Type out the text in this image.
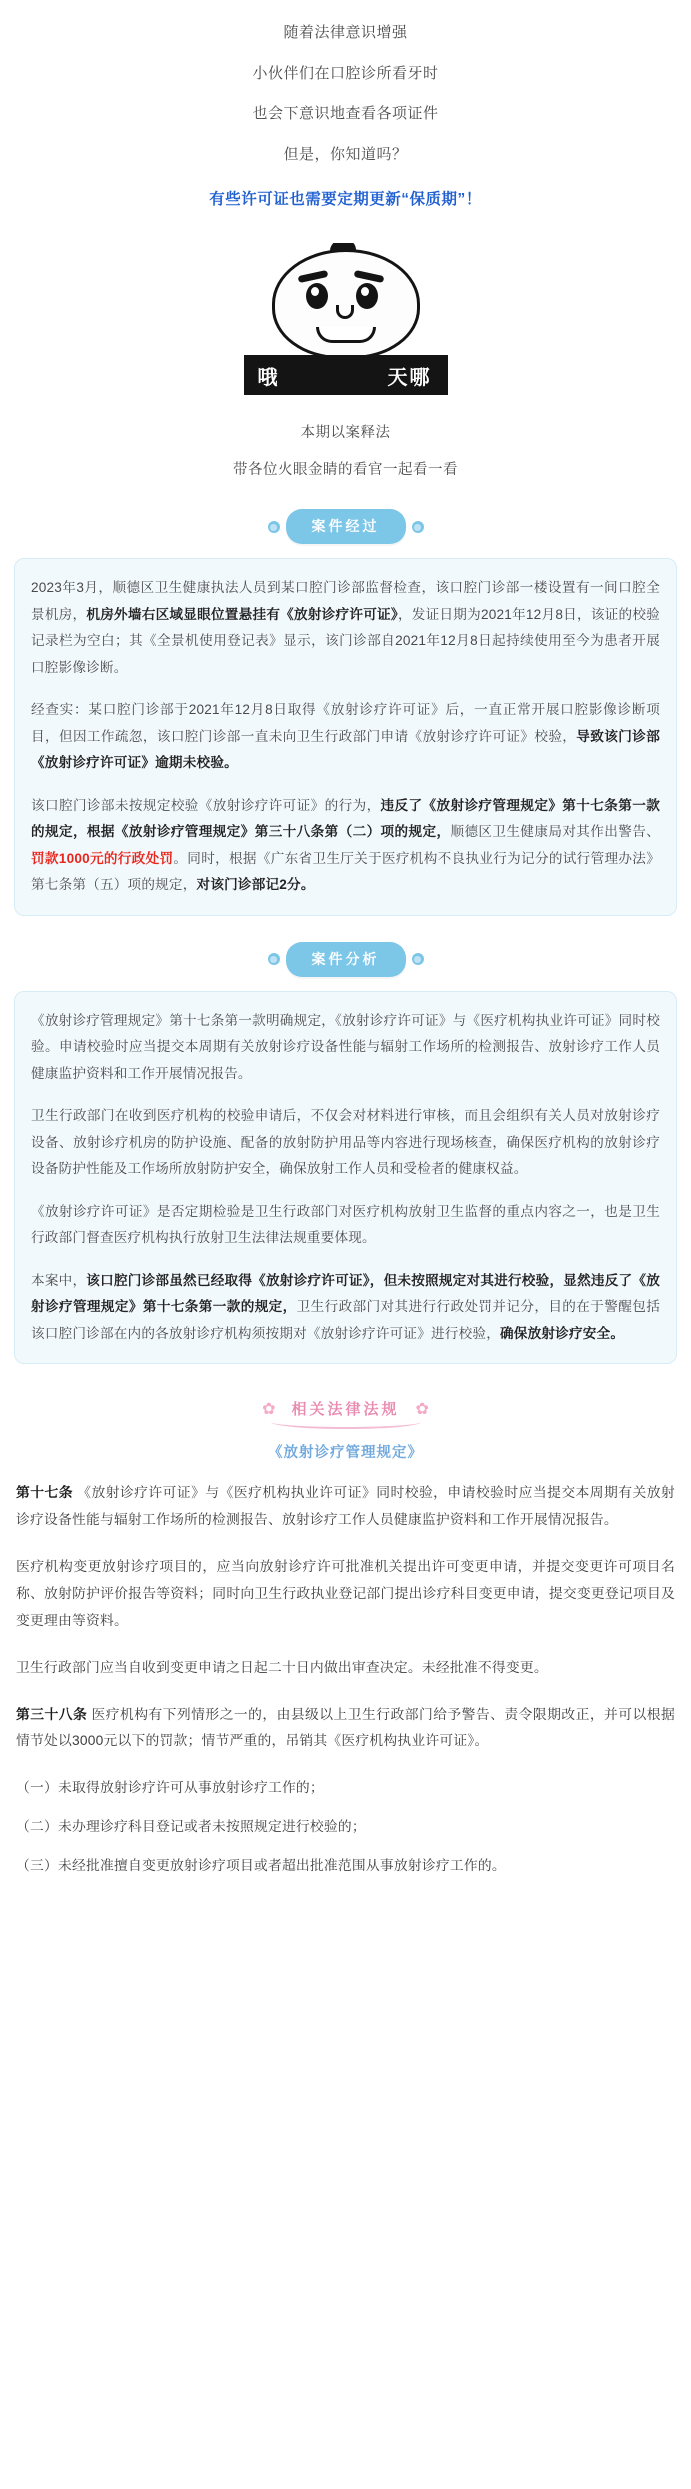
随着法律意识增强

小伙伴们在口腔诊所看牙时

也会下意识地查看各项证件

但是，你知道吗？

有些许可证也需要定期更新“保质期”！

哦	天哪

本期以案释法

带各位火眼金睛的看官一起看一看

案件经过

2023年3月，顺德区卫生健康执法人员到某口腔门诊部监督检查，该口腔门诊部一楼设置有一间口腔全景机房，机房外墙右区域显眼位置悬挂有《放射诊疗许可证》，发证日期为2021年12月8日，该证的校验记录栏为空白；其《全景机使用登记表》显示，该门诊部自2021年12月8日起持续使用至今为患者开展口腔影像诊断。

经查实：某口腔门诊部于2021年12月8日取得《放射诊疗许可证》后，一直正常开展口腔影像诊断项目，但因工作疏忽，该口腔门诊部一直未向卫生行政部门申请《放射诊疗许可证》校验，导致该门诊部《放射诊疗许可证》逾期未校验。

该口腔门诊部未按规定校验《放射诊疗许可证》的行为，违反了《放射诊疗管理规定》第十七条第一款的规定，根据《放射诊疗管理规定》第三十八条第（二）项的规定，顺德区卫生健康局对其作出警告、罚款1000元的行政处罚。同时，根据《广东省卫生厅关于医疗机构不良执业行为记分的试行管理办法》第七条第（五）项的规定，对该门诊部记2分。

案件分析

《放射诊疗管理规定》第十七条第一款明确规定，《放射诊疗许可证》与《医疗机构执业许可证》同时校验。申请校验时应当提交本周期有关放射诊疗设备性能与辐射工作场所的检测报告、放射诊疗工作人员健康监护资料和工作开展情况报告。

卫生行政部门在收到医疗机构的校验申请后，不仅会对材料进行审核，而且会组织有关人员对放射诊疗设备、放射诊疗机房的防护设施、配备的放射防护用品等内容进行现场核查，确保医疗机构的放射诊疗设备防护性能及工作场所放射防护安全，确保放射工作人员和受检者的健康权益。

《放射诊疗许可证》是否定期检验是卫生行政部门对医疗机构放射卫生监督的重点内容之一，也是卫生行政部门督查医疗机构执行放射卫生法律法规重要体现。

本案中，该口腔门诊部虽然已经取得《放射诊疗许可证》，但未按照规定对其进行校验，显然违反了《放射诊疗管理规定》第十七条第一款的规定，卫生行政部门对其进行行政处罚并记分，目的在于警醒包括该口腔门诊部在内的各放射诊疗机构须按期对《放射诊疗许可证》进行校验，确保放射诊疗安全。

✿	相关法律法规	✿
《放射诊疗管理规定》

第十七条 《放射诊疗许可证》与《医疗机构执业许可证》同时校验，申请校验时应当提交本周期有关放射诊疗设备性能与辐射工作场所的检测报告、放射诊疗工作人员健康监护资料和工作开展情况报告。

医疗机构变更放射诊疗项目的，应当向放射诊疗许可批准机关提出许可变更申请，并提交变更许可项目名称、放射防护评价报告等资料；同时向卫生行政执业登记部门提出诊疗科目变更申请，提交变更登记项目及变更理由等资料。

卫生行政部门应当自收到变更申请之日起二十日内做出审查决定。未经批准不得变更。

第三十八条 医疗机构有下列情形之一的，由县级以上卫生行政部门给予警告、责令限期改正，并可以根据情节处以3000元以下的罚款；情节严重的，吊销其《医疗机构执业许可证》。

（一）未取得放射诊疗许可从事放射诊疗工作的；

（二）未办理诊疗科目登记或者未按照规定进行校验的；

（三）未经批准擅自变更放射诊疗项目或者超出批准范围从事放射诊疗工作的。
